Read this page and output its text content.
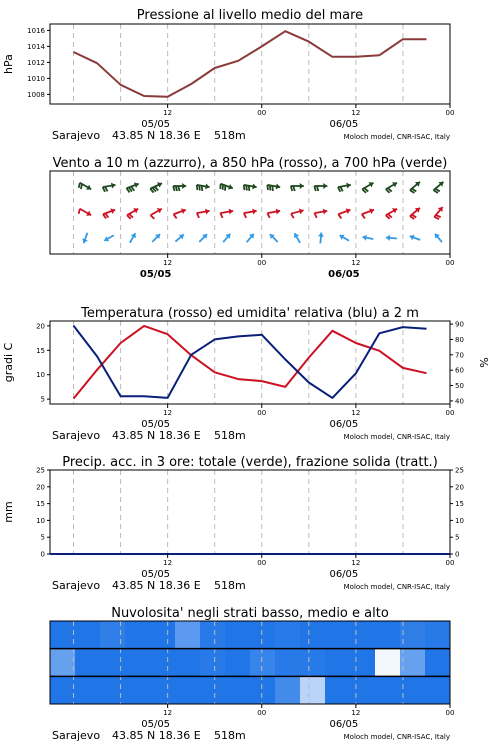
Pressione al livello medio del mare
1008
1010
1012
1014
1016
hPa
12	00	12	00
05/05	06/05
Sarajevo 43.85 N 18.36 E 518m	Moloch model, CNR-ISAC, Italy
Vento a 10 m (azzurro), a 850 hPa (rosso), a 700 hPa (verde)
12	00	12	00
05/05	06/05
Temperatura (rosso) ed umidita' relativa (blu) a 2 m
5
10
15
20
40
50
60
70
80
90
gradi C	%
12	00	12	00
05/05	06/05
Sarajevo 43.85 N 18.36 E 518m	Moloch model, CNR-ISAC, Italy
Precip. acc. in 3 ore: totale (verde), frazione solida (tratt.)
0
5
10
15
20
25
0
5
10
15
20
25
mm
12	00	12	00
05/05	06/05
Sarajevo 43.85 N 18.36 E 518m	Moloch model, CNR-ISAC, Italy
Nuvolosita' negli strati basso, medio e alto
12	00	12	00
05/05	06/05
Sarajevo 43.85 N 18.36 E 518m	Moloch model, CNR-ISAC, Italy
